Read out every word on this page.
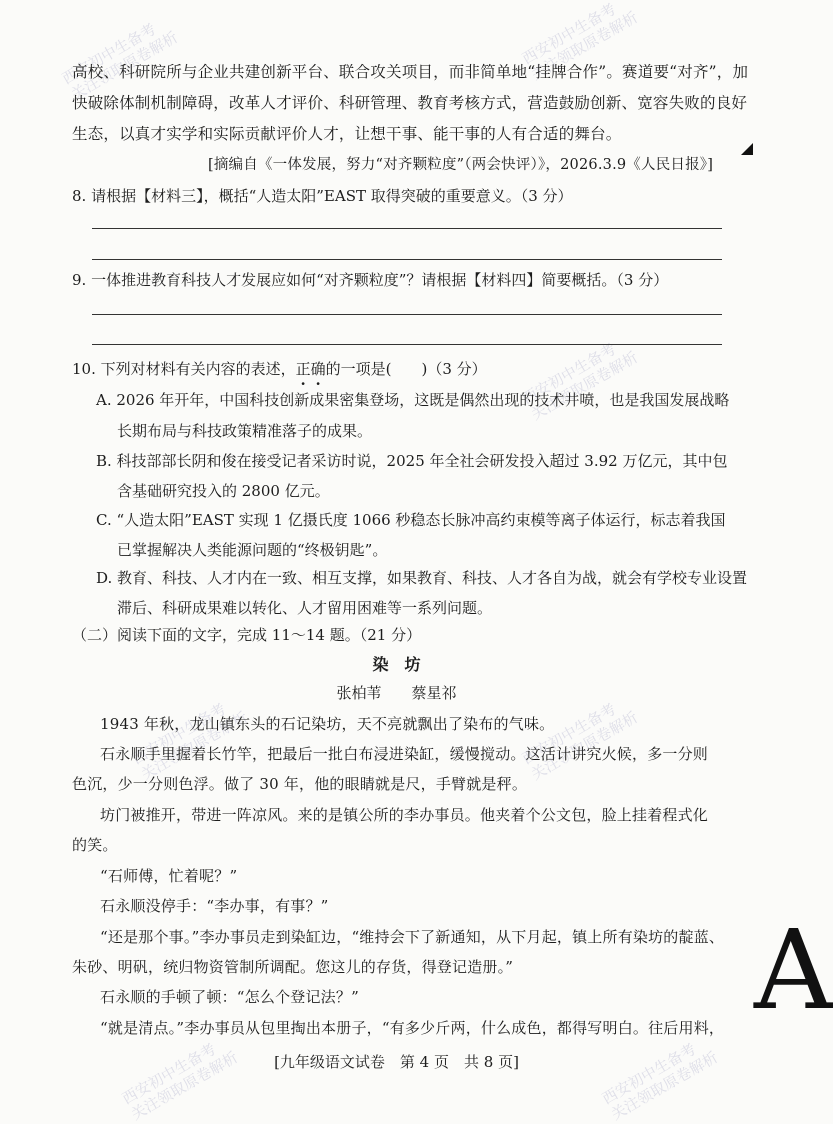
西安初中生备考
关注领取原卷解析
西安初中生备考
关注领取原卷解析
西安初中生备考
关注领取原卷解析
西安初中生备考
关注领取原卷解析	西安初中生备考
关注领取原卷解析
西安初中生备考
关注领取原卷解析	西安初中生备考
关注领取原卷解析
高校、科研院所与企业共建创新平台、联合攻关项目，而非简单地“挂牌合作”。赛道要“对齐”，加
快破除体制机制障碍，改革人才评价、科研管理、教育考核方式，营造鼓励创新、宽容失败的良好
生态，以真才实学和实际贡献评价人才，让想干事、能干事的人有合适的舞台。
[摘编自《一体发展，努力“对齐颗粒度”（两会快评）》，2026.3.9《人民日报》]
8. 请根据【材料三】，概括“人造太阳”EAST 取得突破的重要意义。（3 分）
9. 一体推进教育科技人才发展应如何“对齐颗粒度”？请根据【材料四】简要概括。（3 分）
10. 下列对材料有关内容的表述，正确的一项是(　　)（3 分）
A. 2026 年开年，中国科技创新成果密集登场，这既是偶然出现的技术井喷，也是我国发展战略
长期布局与科技政策精准落子的成果。
B. 科技部部长阴和俊在接受记者采访时说，2025 年全社会研发投入超过 3.92 万亿元，其中包
含基础研究投入的 2800 亿元。
C. “人造太阳”EAST 实现 1 亿摄氏度 1066 秒稳态长脉冲高约束模等离子体运行，标志着我国
已掌握解决人类能源问题的“终极钥匙”。
D. 教育、科技、人才内在一致、相互支撑，如果教育、科技、人才各自为战，就会有学校专业设置
滞后、科研成果难以转化、人才留用困难等一系列问题。
（二）阅读下面的文字，完成 11～14 题。（21 分）
染　坊
张柏苇　　蔡星祁
1943 年秋，龙山镇东头的石记染坊，天不亮就飘出了染布的气味。
石永顺手里握着长竹竿，把最后一批白布浸进染缸，缓慢搅动。这活计讲究火候，多一分则
色沉，少一分则色浮。做了 30 年，他的眼睛就是尺，手臂就是秤。
坊门被推开，带进一阵凉风。来的是镇公所的李办事员。他夹着个公文包，脸上挂着程式化
的笑。
“石师傅，忙着呢？”
石永顺没停手：“李办事，有事？”
“还是那个事。”李办事员走到染缸边，“维持会下了新通知，从下月起，镇上所有染坊的靛蓝、
朱砂、明矾，统归物资管制所调配。您这儿的存货，得登记造册。”
石永顺的手顿了顿：“怎么个登记法？”
“就是清点。”李办事员从包里掏出本册子，“有多少斤两，什么成色，都得写明白。往后用料， A
[九年级语文试卷　第 4 页　共 8 页]
